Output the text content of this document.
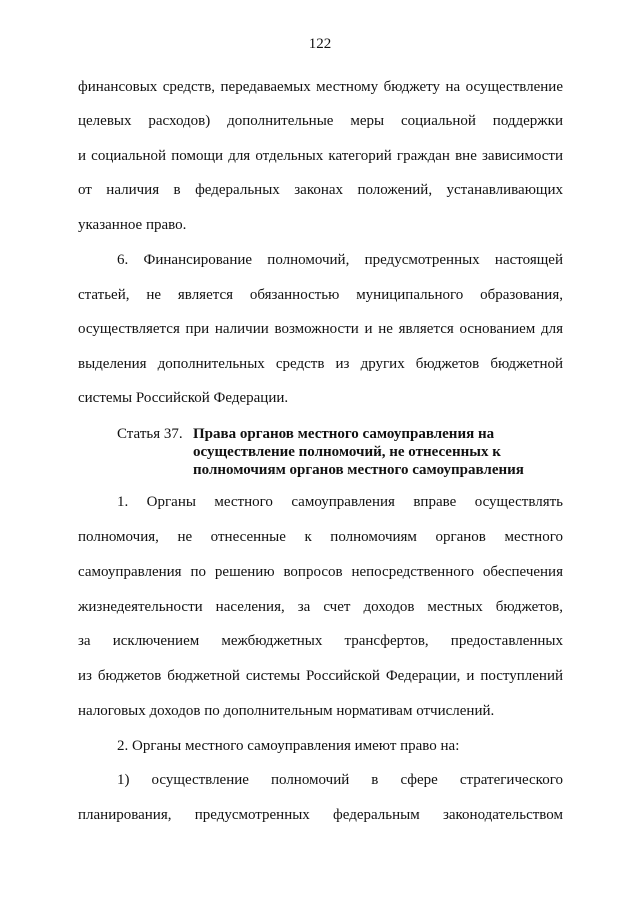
122
финансовых средств, передаваемых местному бюджету на осуществление
целевых расходов) дополнительные меры социальной поддержки
и социальной помощи для отдельных категорий граждан вне зависимости
от наличия в федеральных законах положений, устанавливающих
указанное право.
6. Финансирование полномочий, предусмотренных настоящей
статьей, не является обязанностью муниципального образования,
осуществляется при наличии возможности и не является основанием для
выделения дополнительных средств из других бюджетов бюджетной
системы Российской Федерации.
Статья 37. Права органов местного самоуправления на
осуществление полномочий, не отнесенных к
полномочиям органов местного самоуправления
1. Органы местного самоуправления вправе осуществлять
полномочия, не отнесенные к полномочиям органов местного
самоуправления по решению вопросов непосредственного обеспечения
жизнедеятельности населения, за счет доходов местных бюджетов,
за исключением межбюджетных трансфертов, предоставленных
из бюджетов бюджетной системы Российской Федерации, и поступлений
налоговых доходов по дополнительным нормативам отчислений.
2. Органы местного самоуправления имеют право на:
1) осуществление полномочий в сфере стратегического
планирования, предусмотренных федеральным законодательством
